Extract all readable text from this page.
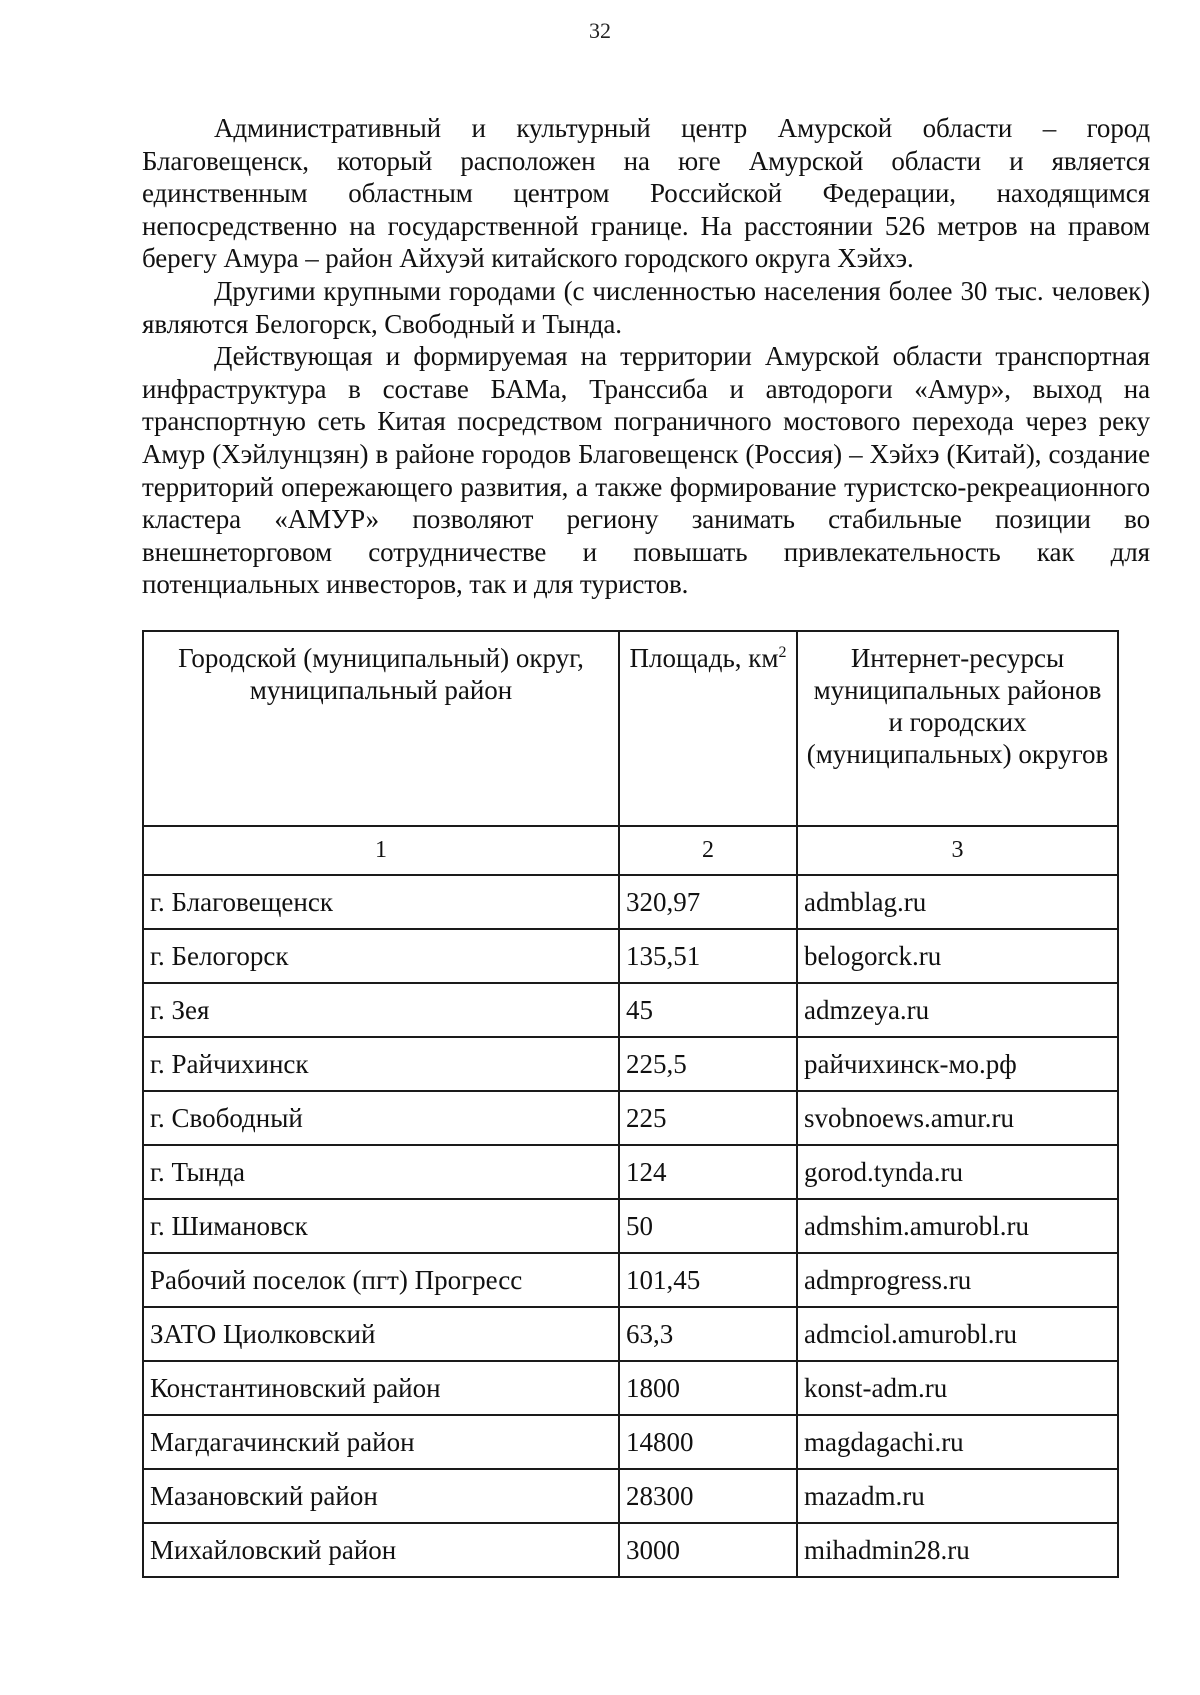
32

Административный и культурный центр Амурской области – город Благовещенск, который расположен на юге Амурской области и является единственным областным центром Российской Федерации, находящимся непосредственно на государственной границе. На расстоянии 526 метров на правом берегу Амура – район Айхуэй китайского городского округа Хэйхэ.

Другими крупными городами (с численностью населения более 30 тыс. человек) являются Белогорск, Свободный и Тында.

Действующая и формируемая на территории Амурской области транспортная инфраструктура в составе БАМа, Транссиба и автодороги «Амур», выход на транспортную сеть Китая посредством пограничного мостового перехода через реку Амур (Хэйлунцзян) в районе городов Благовещенск (Россия) – Хэйхэ (Китай), создание территорий опережающего развития, а также формирование туристско-рекреационного кластера «АМУР» позволяют региону занимать стабильные позиции во внешнеторговом сотрудничестве и повышать привлекательность как для потенциальных инвесторов, так и для туристов.

Городской (муниципальный) округ, муниципальный район	Площадь, $км^2$	Интернет-ресурсы муниципальных районов и городских (муниципальных) округов
1	2	3
г. Благовещенск	320,97	admblag.ru
г. Белогорск	135,51	belogorck.ru
г. Зея	45	admzeya.ru
г. Райчихинск	225,5	райчихинск-мо.рф
г. Свободный	225	svobnoews.amur.ru
г. Тында	124	gorod.tynda.ru
г. Шимановск	50	admshim.amurobl.ru
Рабочий поселок (пгт) Прогресс	101,45	admprogress.ru
ЗАТО Циолковский	63,3	admciol.amurobl.ru
Константиновский район	1800	konst-adm.ru
Магдагачинский район	14800	magdagachi.ru
Мазановский район	28300	mazadm.ru
Михайловский район	3000	mihadmin28.ru
